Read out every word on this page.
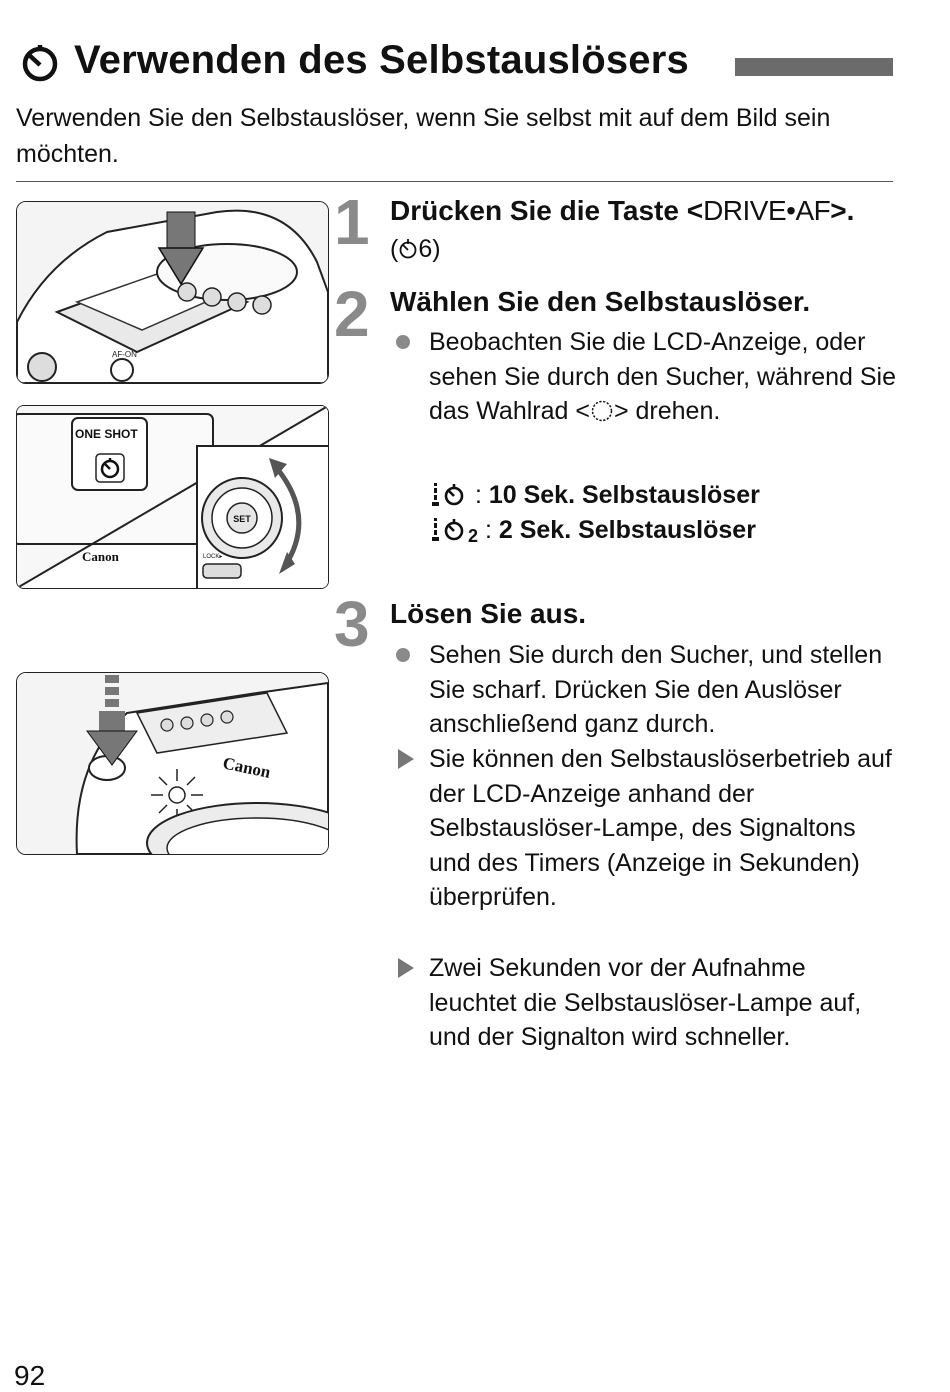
Verwenden des Selbstauslösers

Verwenden Sie den Selbstauslöser, wenn Sie selbst mit auf dem Bild sein möchten.

AF-ON
ONE SHOT
SET
Canon	LOCK▸
Canon
1 Drücken Sie die Taste <DRIVE•AF>.
( 6)
2 Wählen Sie den Selbstauslöser.
Beobachten Sie die LCD-Anzeige, oder sehen Sie durch den Sucher, während Sie das Wahlrad < > drehen.
: 10 Sek. Selbstauslöser
2 : 2 Sek. Selbstauslöser
3 Lösen Sie aus.
Sehen Sie durch den Sucher, und stellen Sie scharf. Drücken Sie den Auslöser anschließend ganz durch.
Sie können den Selbstauslöserbetrieb auf der LCD-Anzeige anhand der Selbstauslöser-Lampe, des Signaltons und des Timers (Anzeige in Sekunden) überprüfen.
Zwei Sekunden vor der Aufnahme leuchtet die Selbstauslöser-Lampe auf, und der Signalton wird schneller.
92
